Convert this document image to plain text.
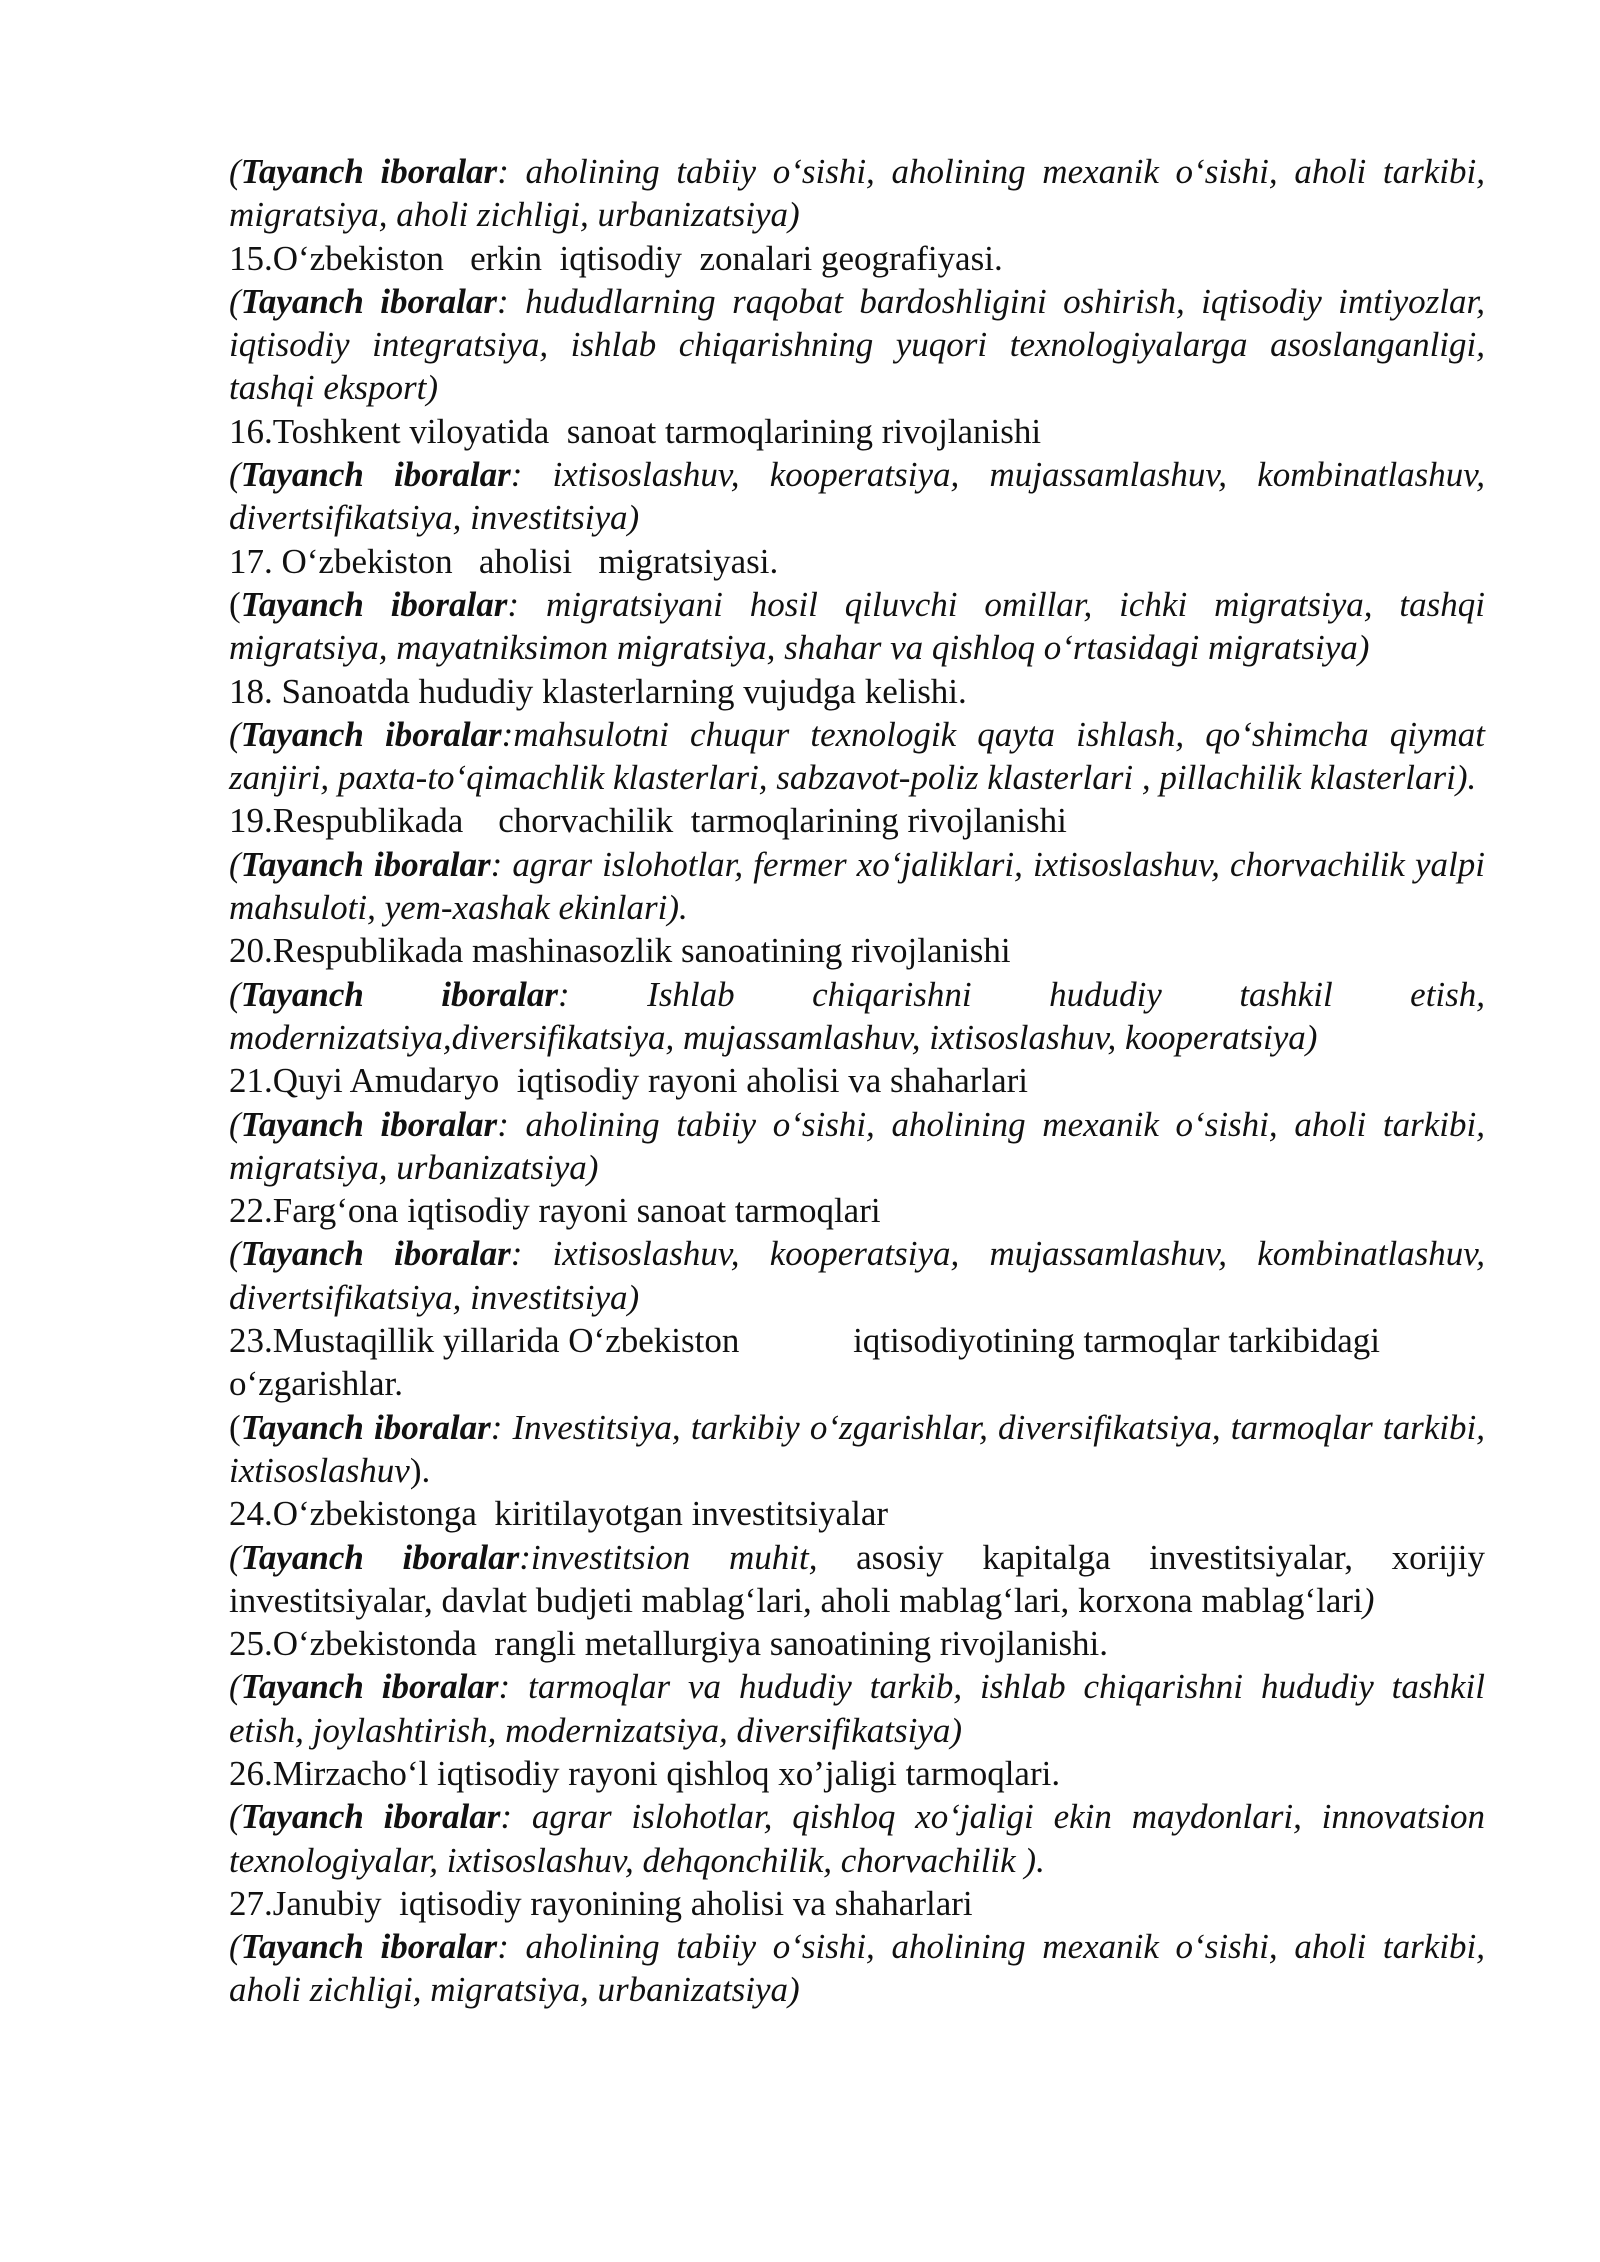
(Tayanch iboralar: aholining tabiiy o‘sishi, aholining mexanik o‘sishi, aholi tarkibi, migratsiya, aholi zichligi, urbanizatsiya)

15.O‘zbekiston   erkin  iqtisodiy  zonalari geografiyasi.

(Tayanch iboralar: hududlarning raqobat bardoshligini oshirish, iqtisodiy imtiyozlar, iqtisodiy integratsiya, ishlab chiqarishning yuqori texnologiyalarga asoslanganligi, tashqi eksport)

16.Toshkent viloyatida  sanoat tarmoqlarining rivojlanishi

(Tayanch iboralar: ixtisoslashuv, kooperatsiya, mujassamlashuv, kombinatlashuv, divertsifikatsiya, investitsiya)

17. O‘zbekiston   aholisi   migratsiyasi.

(Tayanch iboralar: migratsiyani hosil qiluvchi omillar, ichki migratsiya, tashqi migratsiya, mayatniksimon migratsiya, shahar va qishloq o‘rtasidagi migratsiya)

18. Sanoatda hududiy klasterlarning vujudga kelishi.

(Tayanch iboralar:mahsulotni chuqur texnologik qayta ishlash, qo‘shimcha qiymat zanjiri, paxta-to‘qimachlik klasterlari, sabzavot-poliz klasterlari , pillachilik klasterlari).

19.Respublikada    chorvachilik  tarmoqlarining rivojlanishi

(Tayanch iboralar: agrar islohotlar, fermer xo‘jaliklari, ixtisoslashuv, chorvachilik yalpi mahsuloti, yem-xashak ekinlari).

20.Respublikada mashinasozlik sanoatining rivojlanishi

(Tayanch iboralar: Ishlab chiqarishni hududiy tashkil etish, modernizatsiya,diversifikatsiya, mujassamlashuv, ixtisoslashuv, kooperatsiya)

21.Quyi Amudaryo  iqtisodiy rayoni aholisi va shaharlari

(Tayanch iboralar: aholining tabiiy o‘sishi, aholining mexanik o‘sishi, aholi tarkibi, migratsiya, urbanizatsiya)

22.Farg‘ona iqtisodiy rayoni sanoat tarmoqlari

(Tayanch iboralar: ixtisoslashuv, kooperatsiya, mujassamlashuv, kombinatlashuv, divertsifikatsiya, investitsiya)

23.Mustaqillik yillarida O‘zbekiston             iqtisodiyotining tarmoqlar tarkibidagi o‘zgarishlar.

(Tayanch iboralar: Investitsiya, tarkibiy o‘zgarishlar, diversifikatsiya, tarmoqlar tarkibi, ixtisoslashuv).

24.O‘zbekistonga  kiritilayotgan investitsiyalar

(Tayanch iboralar:investitsion muhit, asosiy kapitalga investitsiyalar, xorijiy investitsiyalar, davlat budjeti mablag‘lari, aholi mablag‘lari, korxona mablag‘lari)

25.O‘zbekistonda  rangli metallurgiya sanoatining rivojlanishi.

(Tayanch iboralar: tarmoqlar va hududiy tarkib, ishlab chiqarishni hududiy tashkil etish, joylashtirish, modernizatsiya, diversifikatsiya)

26.Mirzacho‘l iqtisodiy rayoni qishloq xo’jaligi tarmoqlari.

(Tayanch iboralar: agrar islohotlar, qishloq xo‘jaligi ekin maydonlari, innovatsion texnologiyalar, ixtisoslashuv, dehqonchilik, chorvachilik ).

27.Janubiy  iqtisodiy rayonining aholisi va shaharlari

(Tayanch iboralar: aholining tabiiy o‘sishi, aholining mexanik o‘sishi, aholi tarkibi, aholi zichligi, migratsiya, urbanizatsiya)
